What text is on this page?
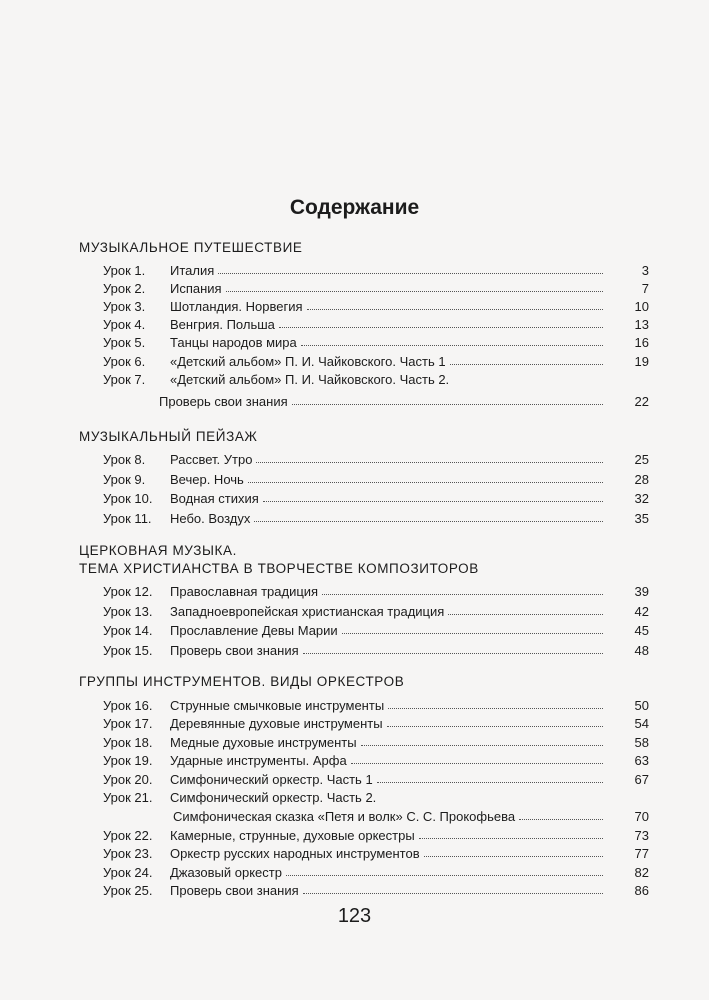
Содержание
МУЗЫКАЛЬНОЕ ПУТЕШЕСТВИЕ
Урок 1.	Италия	3
Урок 2.	Испания	7
Урок 3.	Шотландия. Норвегия	10
Урок 4.	Венгрия. Польша	13
Урок 5.	Танцы народов мира	16
Урок 6.	«Детский альбом» П. И. Чайковского. Часть 1	19
Урок 7.	«Детский альбом» П. И. Чайковского. Часть 2.
Проверь свои знания	22
МУЗЫКАЛЬНЫЙ ПЕЙЗАЖ
Урок 8.	Рассвет. Утро	25
Урок 9.	Вечер. Ночь	28
Урок 10.	Водная стихия	32
Урок 11.	Небо. Воздух	35
ЦЕРКОВНАЯ МУЗЫКА.
ТЕМА ХРИСТИАНСТВА В ТВОРЧЕСТВЕ КОМПОЗИТОРОВ
Урок 12.	Православная традиция	39
Урок 13.	Западноевропейская христианская традиция	42
Урок 14.	Прославление Девы Марии	45
Урок 15.	Проверь свои знания	48
ГРУППЫ ИНСТРУМЕНТОВ. ВИДЫ ОРКЕСТРОВ
Урок 16.	Струнные смычковые инструменты	50
Урок 17.	Деревянные духовые инструменты	54
Урок 18.	Медные духовые инструменты	58
Урок 19.	Ударные инструменты. Арфа	63
Урок 20.	Симфонический оркестр. Часть 1	67
Урок 21.	Симфонический оркестр. Часть 2.
Симфоническая сказка «Петя и волк» С. С. Прокофьева	70
Урок 22.	Камерные, струнные, духовые оркестры	73
Урок 23.	Оркестр русских народных инструментов	77
Урок 24.	Джазовый оркестр	82
Урок 25.	Проверь свои знания	86
123
